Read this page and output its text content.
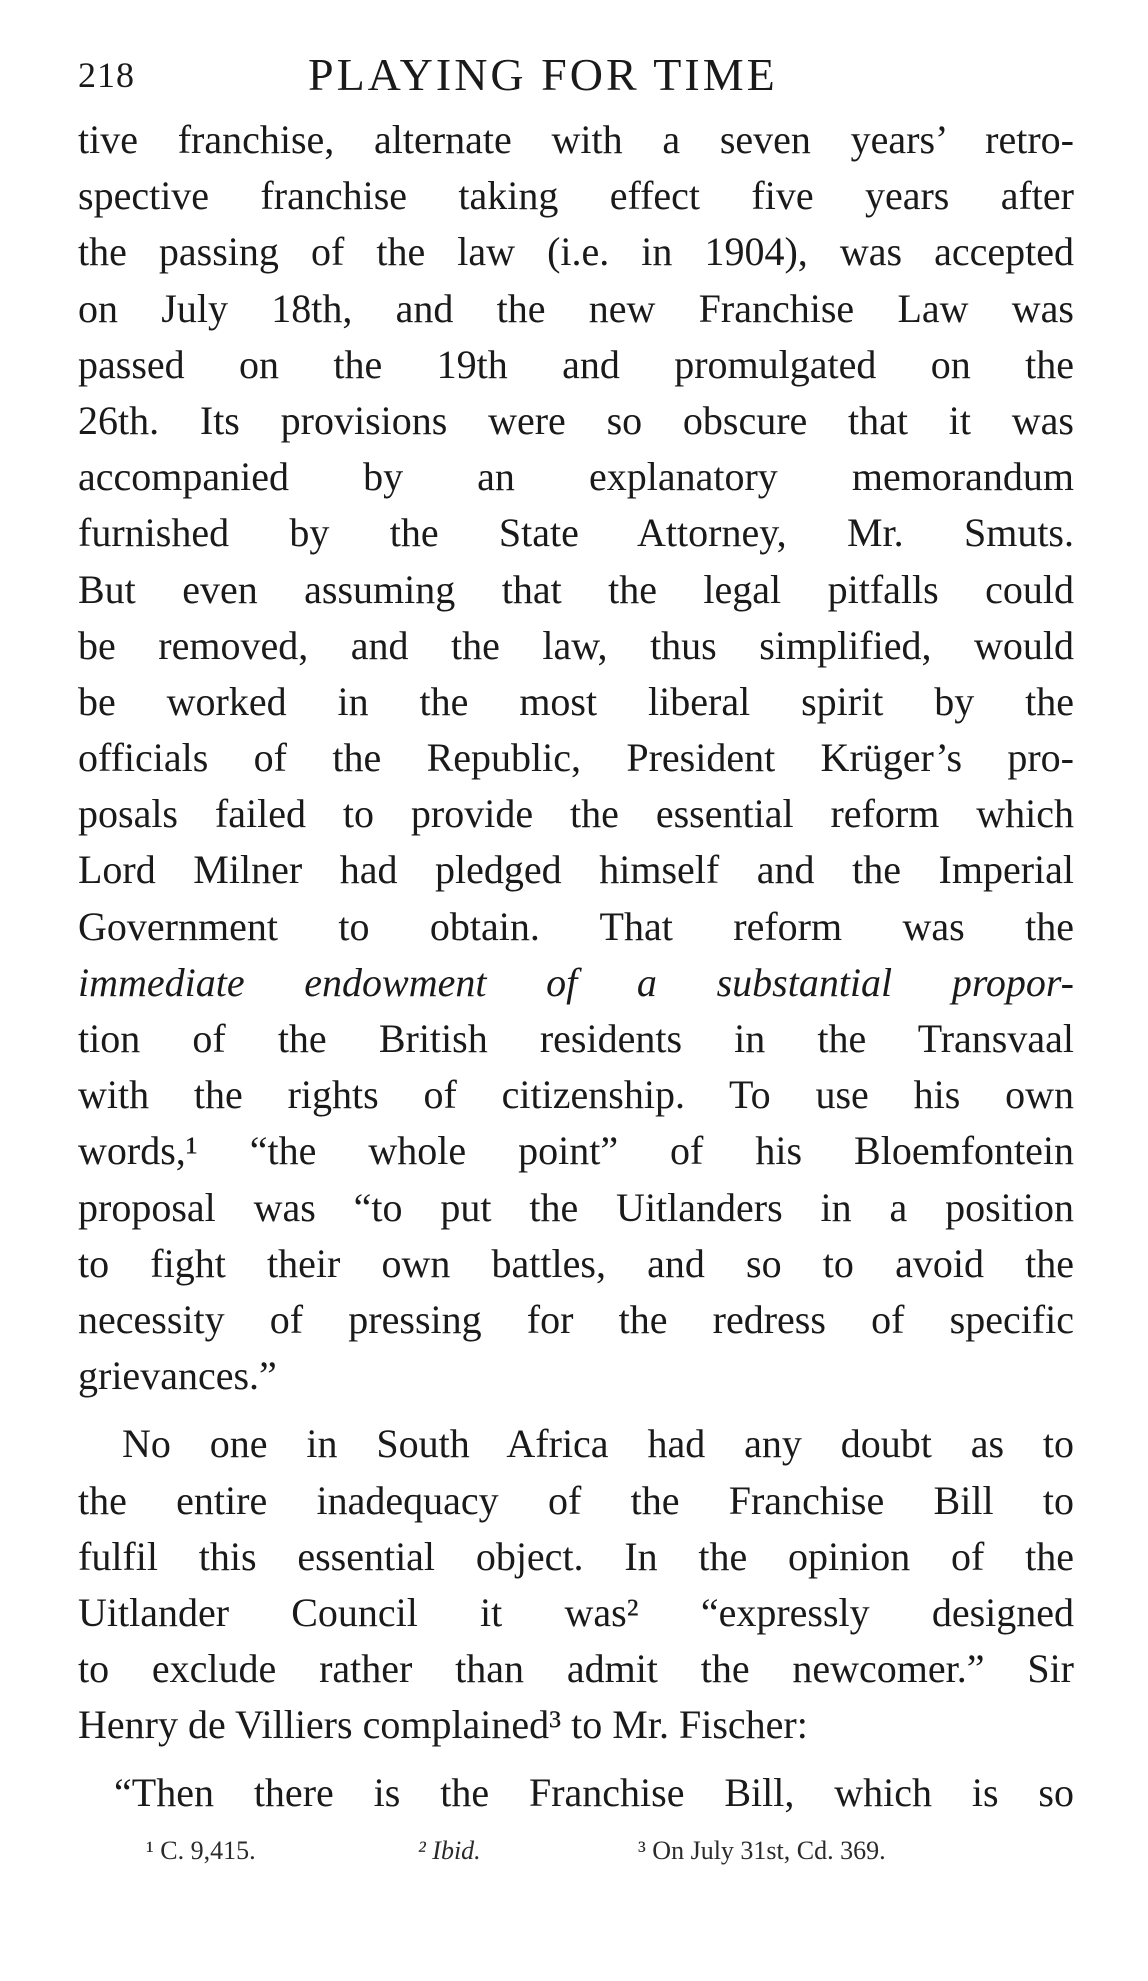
218	PLAYING FOR TIME
tive franchise, alternate with a seven years’ retro-
spective franchise taking effect five years after
the passing of the law (i.e. in 1904), was accepted
on July 18th, and the new Franchise Law was
passed on the 19th and promulgated on the
26th. Its provisions were so obscure that it was
accompanied by an explanatory memorandum
furnished by the State Attorney, Mr. Smuts.
But even assuming that the legal pitfalls could
be removed, and the law, thus simplified, would
be worked in the most liberal spirit by the
officials of the Republic, President Krüger’s pro-
posals failed to provide the essential reform which
Lord Milner had pledged himself and the Imperial
Government to obtain. That reform was the
immediate endowment of a substantial propor-
tion of the British residents in the Transvaal
with the rights of citizenship. To use his own
words,¹ “the whole point” of his Bloemfontein
proposal was “to put the Uitlanders in a position
to fight their own battles, and so to avoid the
necessity of pressing for the redress of specific
grievances.”
No one in South Africa had any doubt as to
the entire inadequacy of the Franchise Bill to
fulfil this essential object. In the opinion of the
Uitlander Council it was² “expressly designed
to exclude rather than admit the newcomer.” Sir
Henry de Villiers complained³ to Mr. Fischer:
“Then there is the Franchise Bill, which is so
¹ C. 9,415.	² Ibid.	³ On July 31st, Cd. 369.
